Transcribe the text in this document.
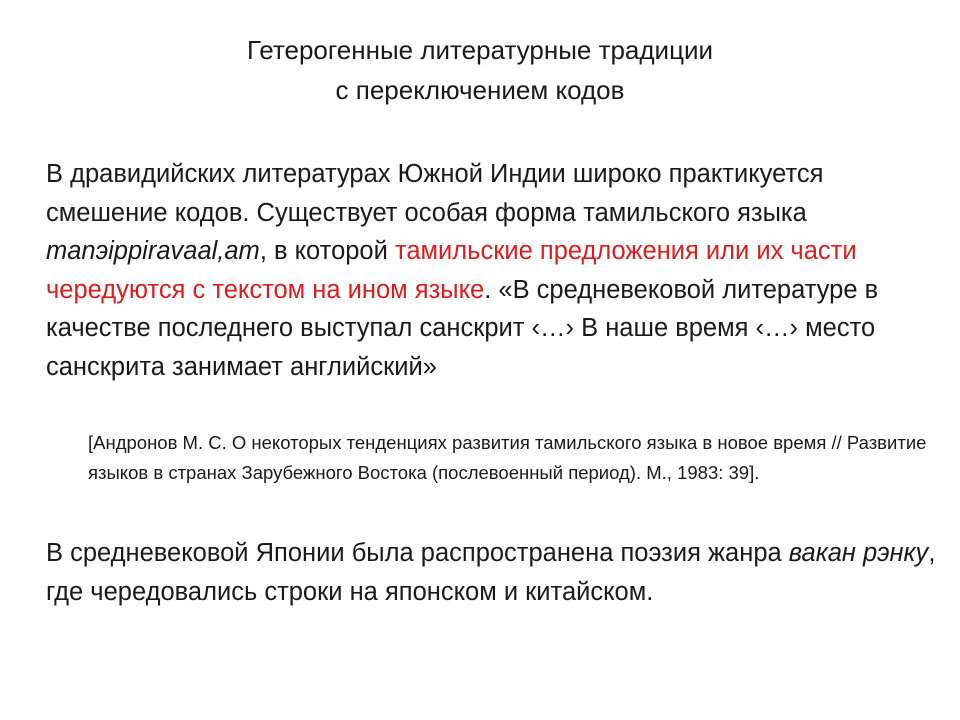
Гетерогенные литературные традиции
с переключением кодов
В дравидийских литературах Южной Индии широко практикуется смешение кодов. Существует особая форма тамильского языка manэippiravaal,am, в которой тамильские предложения или их части чередуются с текстом на ином языке. «В средневековой литературе в качестве последнего выступал санскрит ‹…› В наше время ‹…› место санскрита занимает английский»
[Андронов М. С. О некоторых тенденциях развития тамильского языка в новое время // Развитие языков в странах Зарубежного Востока (послевоенный период). М., 1983: 39].
В средневековой Японии была распространена поэзия жанра вакан рэнку, где чередовались строки на японском и китайском.
